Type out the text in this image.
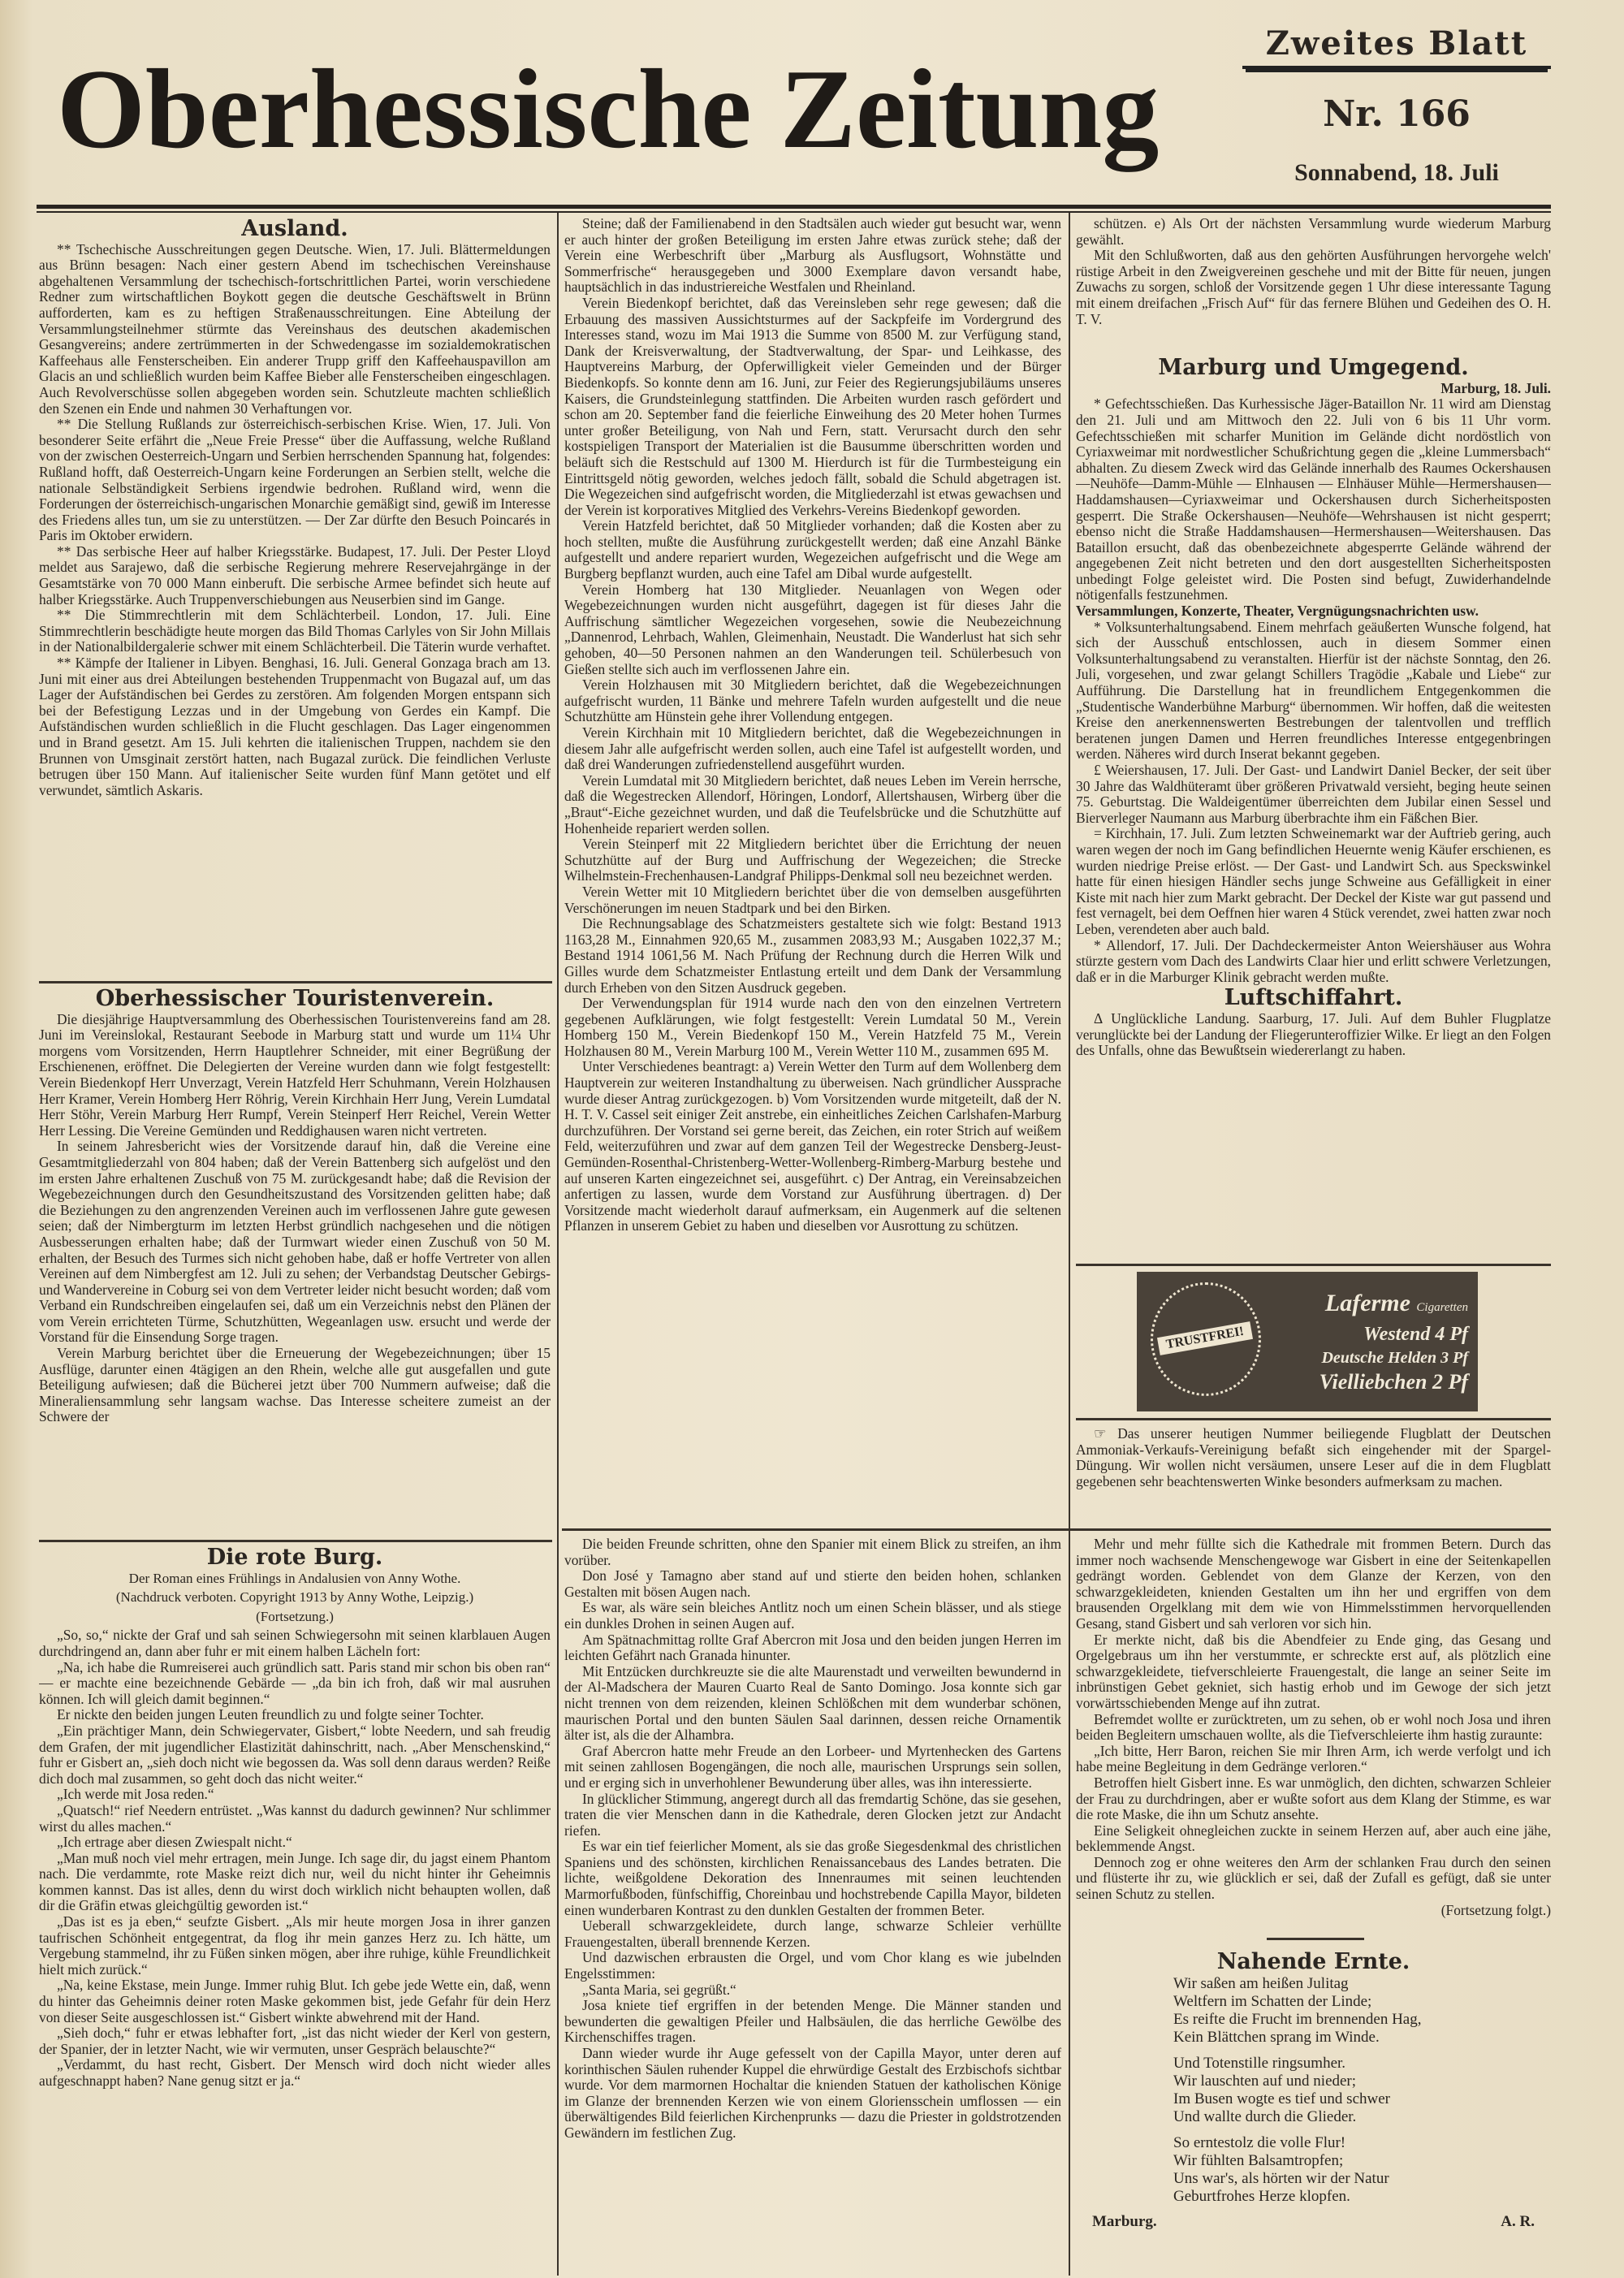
Oberhessische Zeitung
Zweites Blatt
Nr. 166
Sonnabend, 18. Juli
Ausland.

** Tschechische Ausschreitungen gegen Deutsche. Wien, 17. Juli. Blättermeldungen aus Brünn besagen: Nach einer gestern Abend im tschechischen Vereinshause abgehaltenen Versammlung der tschechisch-fortschrittlichen Partei, worin verschiedene Redner zum wirtschaftlichen Boykott gegen die deutsche Geschäftswelt in Brünn aufforderten, kam es zu heftigen Straßenausschreitungen. Eine Abteilung der Versammlungsteilnehmer stürmte das Vereinshaus des deutschen akademischen Gesangvereins; andere zertrümmerten in der Schwedengasse im sozialdemokratischen Kaffeehaus alle Fensterscheiben. Ein anderer Trupp griff den Kaffeehauspavillon am Glacis an und schließlich wurden beim Kaffee Bieber alle Fensterscheiben eingeschlagen. Auch Revolverschüsse sollen abgegeben worden sein. Schutzleute machten schließlich den Szenen ein Ende und nahmen 30 Verhaftungen vor.

** Die Stellung Rußlands zur österreichisch-serbischen Krise. Wien, 17. Juli. Von besonderer Seite erfährt die „Neue Freie Presse“ über die Auffassung, welche Rußland von der zwischen Oesterreich-Ungarn und Serbien herrschenden Spannung hat, folgendes: Rußland hofft, daß Oesterreich-Ungarn keine Forderungen an Serbien stellt, welche die nationale Selbständigkeit Serbiens irgendwie bedrohen. Rußland wird, wenn die Forderungen der österreichisch-ungarischen Monarchie gemäßigt sind, gewiß im Interesse des Friedens alles tun, um sie zu unterstützen. — Der Zar dürfte den Besuch Poincarés in Paris im Oktober erwidern.

** Das serbische Heer auf halber Kriegsstärke. Budapest, 17. Juli. Der Pester Lloyd meldet aus Sarajewo, daß die serbische Regierung mehrere Reservejahrgänge in der Gesamtstärke von 70 000 Mann einberuft. Die serbische Armee befindet sich heute auf halber Kriegsstärke. Auch Truppenverschiebungen aus Neuserbien sind im Gange.

** Die Stimmrechtlerin mit dem Schlächterbeil. London, 17. Juli. Eine Stimmrechtlerin beschädigte heute morgen das Bild Thomas Carlyles von Sir John Millais in der Nationalbildergalerie schwer mit einem Schlächterbeil. Die Täterin wurde verhaftet.

** Kämpfe der Italiener in Libyen. Benghasi, 16. Juli. General Gonzaga brach am 13. Juni mit einer aus drei Abteilungen bestehenden Truppenmacht von Bugazal auf, um das Lager der Aufständischen bei Gerdes zu zerstören. Am folgenden Morgen entspann sich bei der Befestigung Lezzas und in der Umgebung von Gerdes ein Kampf. Die Aufständischen wurden schließlich in die Flucht geschlagen. Das Lager eingenommen und in Brand gesetzt. Am 15. Juli kehrten die italienischen Truppen, nachdem sie den Brunnen von Umsginait zerstört hatten, nach Bugazal zurück. Die feindlichen Verluste betrugen über 150 Mann. Auf italienischer Seite wurden fünf Mann getötet und elf verwundet, sämtlich Askaris.

Oberhessischer Touristenverein.

Die diesjährige Hauptversammlung des Oberhessischen Touristenvereins fand am 28. Juni im Vereinslokal, Restaurant Seebode in Marburg statt und wurde um 11¼ Uhr morgens vom Vorsitzenden, Herrn Hauptlehrer Schneider, mit einer Begrüßung der Erschienenen, eröffnet. Die Delegierten der Vereine wurden dann wie folgt festgestellt: Verein Biedenkopf Herr Unverzagt, Verein Hatzfeld Herr Schuhmann, Verein Holzhausen Herr Kramer, Verein Homberg Herr Röhrig, Verein Kirchhain Herr Jung, Verein Lumdatal Herr Stöhr, Verein Marburg Herr Rumpf, Verein Steinperf Herr Reichel, Verein Wetter Herr Lessing. Die Vereine Gemünden und Reddighausen waren nicht vertreten.

In seinem Jahresbericht wies der Vorsitzende darauf hin, daß die Vereine eine Gesamtmitgliederzahl von 804 haben; daß der Verein Battenberg sich aufgelöst und den im ersten Jahre erhaltenen Zuschuß von 75 M. zurückgesandt habe; daß die Revision der Wegebezeichnungen durch den Gesundheitszustand des Vorsitzenden gelitten habe; daß die Beziehungen zu den angrenzenden Vereinen auch im verflossenen Jahre gute gewesen seien; daß der Nimbergturm im letzten Herbst gründlich nachgesehen und die nötigen Ausbesserungen erhalten habe; daß der Turmwart wieder einen Zuschuß von 50 M. erhalten, der Besuch des Turmes sich nicht gehoben habe, daß er hoffe Vertreter von allen Vereinen auf dem Nimbergfest am 12. Juli zu sehen; der Verbandstag Deutscher Gebirgs- und Wandervereine in Coburg sei von dem Vertreter leider nicht besucht worden; daß vom Verband ein Rundschreiben eingelaufen sei, daß um ein Verzeichnis nebst den Plänen der vom Verein errichteten Türme, Schutzhütten, Wegeanlagen usw. ersucht und werde der Vorstand für die Einsendung Sorge tragen.

Verein Marburg berichtet über die Erneuerung der Wegebezeichnungen; über 15 Ausflüge, darunter einen 4tägigen an den Rhein, welche alle gut ausgefallen und gute Beteiligung aufwiesen; daß die Bücherei jetzt über 700 Nummern aufweise; daß die Mineraliensammlung sehr langsam wachse. Das Interesse scheitere zumeist an der Schwere der

Die rote Burg.
Der Roman eines Frühlings in Andalusien von Anny Wothe.
(Nachdruck verboten. Copyright 1913 by Anny Wothe, Leipzig.)
(Fortsetzung.)

„So, so,“ nickte der Graf und sah seinen Schwiegersohn mit seinen klarblauen Augen durchdringend an, dann aber fuhr er mit einem halben Lächeln fort:

„Na, ich habe die Rumreiserei auch gründlich satt. Paris stand mir schon bis oben ran“ — er machte eine bezeichnende Gebärde — „da bin ich froh, daß wir mal ausruhen können. Ich will gleich damit beginnen.“

Er nickte den beiden jungen Leuten freundlich zu und folgte seiner Tochter.

„Ein prächtiger Mann, dein Schwiegervater, Gisbert,“ lobte Needern, und sah freudig dem Grafen, der mit jugendlicher Elastizität dahinschritt, nach. „Aber Menschenskind,“ fuhr er Gisbert an, „sieh doch nicht wie begossen da. Was soll denn daraus werden? Reiße dich doch mal zusammen, so geht doch das nicht weiter.“

„Ich werde mit Josa reden.“

„Quatsch!“ rief Needern entrüstet. „Was kannst du dadurch gewinnen? Nur schlimmer wirst du alles machen.“

„Ich ertrage aber diesen Zwiespalt nicht.“

„Man muß noch viel mehr ertragen, mein Junge. Ich sage dir, du jagst einem Phantom nach. Die verdammte, rote Maske reizt dich nur, weil du nicht hinter ihr Geheimnis kommen kannst. Das ist alles, denn du wirst doch wirklich nicht behaupten wollen, daß dir die Gräfin etwas gleichgültig geworden ist.“

„Das ist es ja eben,“ seufzte Gisbert. „Als mir heute morgen Josa in ihrer ganzen taufrischen Schönheit entgegentrat, da flog ihr mein ganzes Herz zu. Ich hätte, um Vergebung stammelnd, ihr zu Füßen sinken mögen, aber ihre ruhige, kühle Freundlichkeit hielt mich zurück.“

„Na, keine Ekstase, mein Junge. Immer ruhig Blut. Ich gebe jede Wette ein, daß, wenn du hinter das Geheimnis deiner roten Maske gekommen bist, jede Gefahr für dein Herz von dieser Seite ausgeschlossen ist.“ Gisbert winkte abwehrend mit der Hand.

„Sieh doch,“ fuhr er etwas lebhafter fort, „ist das nicht wieder der Kerl von gestern, der Spanier, der in letzter Nacht, wie wir vermuten, unser Gespräch belauschte?“

„Verdammt, du hast recht, Gisbert. Der Mensch wird doch nicht wieder alles aufgeschnappt haben? Nane genug sitzt er ja.“

Steine; daß der Familienabend in den Stadtsälen auch wieder gut besucht war, wenn er auch hinter der großen Beteiligung im ersten Jahre etwas zurück stehe; daß der Verein eine Werbeschrift über „Marburg als Ausflugsort, Wohnstätte und Sommerfrische“ herausgegeben und 3000 Exemplare davon versandt habe, hauptsächlich in das industriereiche Westfalen und Rheinland.

Verein Biedenkopf berichtet, daß das Vereinsleben sehr rege gewesen; daß die Erbauung des massiven Aussichtsturmes auf der Sackpfeife im Vordergrund des Interesses stand, wozu im Mai 1913 die Summe von 8500 M. zur Verfügung stand, Dank der Kreisverwaltung, der Stadtverwaltung, der Spar- und Leihkasse, des Hauptvereins Marburg, der Opferwilligkeit vieler Gemeinden und der Bürger Biedenkopfs. So konnte denn am 16. Juni, zur Feier des Regierungsjubiläums unseres Kaisers, die Grundsteinlegung stattfinden. Die Arbeiten wurden rasch gefördert und schon am 20. September fand die feierliche Einweihung des 20 Meter hohen Turmes unter großer Beteiligung, von Nah und Fern, statt. Verursacht durch den sehr kostspieligen Transport der Materialien ist die Bausumme überschritten worden und beläuft sich die Restschuld auf 1300 M. Hierdurch ist für die Turmbesteigung ein Eintrittsgeld nötig geworden, welches jedoch fällt, sobald die Schuld abgetragen ist. Die Wegezeichen sind aufgefrischt worden, die Mitgliederzahl ist etwas gewachsen und der Verein ist korporatives Mitglied des Verkehrs-Vereins Biedenkopf geworden.

Verein Hatzfeld berichtet, daß 50 Mitglieder vorhanden; daß die Kosten aber zu hoch stellten, mußte die Ausführung zurückgestellt werden; daß eine Anzahl Bänke aufgestellt und andere repariert wurden, Wegezeichen aufgefrischt und die Wege am Burgberg bepflanzt wurden, auch eine Tafel am Dibal wurde aufgestellt.

Verein Homberg hat 130 Mitglieder. Neuanlagen von Wegen oder Wegebezeichnungen wurden nicht ausgeführt, dagegen ist für dieses Jahr die Auffrischung sämtlicher Wegezeichen vorgesehen, sowie die Neubezeichnung „Dannenrod, Lehrbach, Wahlen, Gleimenhain, Neustadt. Die Wanderlust hat sich sehr gehoben, 40—50 Personen nahmen an den Wanderungen teil. Schülerbesuch von Gießen stellte sich auch im verflossenen Jahre ein.

Verein Holzhausen mit 30 Mitgliedern berichtet, daß die Wegebezeichnungen aufgefrischt wurden, 11 Bänke und mehrere Tafeln wurden aufgestellt und die neue Schutzhütte am Hünstein gehe ihrer Vollendung entgegen.

Verein Kirchhain mit 10 Mitgliedern berichtet, daß die Wegebezeichnungen in diesem Jahr alle aufgefrischt werden sollen, auch eine Tafel ist aufgestellt worden, und daß drei Wanderungen zufriedenstellend ausgeführt wurden.

Verein Lumdatal mit 30 Mitgliedern berichtet, daß neues Leben im Verein herrsche, daß die Wegestrecken Allendorf, Höringen, Londorf, Allertshausen, Wirberg über die „Braut“-Eiche gezeichnet wurden, und daß die Teufelsbrücke und die Schutzhütte auf Hohenheide repariert werden sollen.

Verein Steinperf mit 22 Mitgliedern berichtet über die Errichtung der neuen Schutzhütte auf der Burg und Auffrischung der Wegezeichen; die Strecke Wilhelmstein-Frechenhausen-Landgraf Philipps-Denkmal soll neu bezeichnet werden.

Verein Wetter mit 10 Mitgliedern berichtet über die von demselben ausgeführten Verschönerungen im neuen Stadtpark und bei den Birken.

Die Rechnungsablage des Schatzmeisters gestaltete sich wie folgt: Bestand 1913 1163,28 M., Einnahmen 920,65 M., zusammen 2083,93 M.; Ausgaben 1022,37 M.; Bestand 1914 1061,56 M. Nach Prüfung der Rechnung durch die Herren Wilk und Gilles wurde dem Schatzmeister Entlastung erteilt und dem Dank der Versammlung durch Erheben von den Sitzen Ausdruck gegeben.

Der Verwendungsplan für 1914 wurde nach den von den einzelnen Vertretern gegebenen Aufklärungen, wie folgt festgestellt: Verein Lumdatal 50 M., Verein Homberg 150 M., Verein Biedenkopf 150 M., Verein Hatzfeld 75 M., Verein Holzhausen 80 M., Verein Marburg 100 M., Verein Wetter 110 M., zusammen 695 M.

Unter Verschiedenes beantragt: a) Verein Wetter den Turm auf dem Wollenberg dem Hauptverein zur weiteren Instandhaltung zu überweisen. Nach gründlicher Aussprache wurde dieser Antrag zurückgezogen. b) Vom Vorsitzenden wurde mitgeteilt, daß der N. H. T. V. Cassel seit einiger Zeit anstrebe, ein einheitliches Zeichen Carlshafen-Marburg durchzuführen. Der Vorstand sei gerne bereit, das Zeichen, ein roter Strich auf weißem Feld, weiterzuführen und zwar auf dem ganzen Teil der Wegestrecke Densberg-Jeust-Gemünden-Rosenthal-Christenberg-Wetter-Wollenberg-Rimberg-Marburg bestehe und auf unseren Karten eingezeichnet sei, ausgeführt. c) Der Antrag, ein Vereinsabzeichen anfertigen zu lassen, wurde dem Vorstand zur Ausführung übertragen. d) Der Vorsitzende macht wiederholt darauf aufmerksam, ein Augenmerk auf die seltenen Pflanzen in unserem Gebiet zu haben und dieselben vor Ausrottung zu schützen.

Die beiden Freunde schritten, ohne den Spanier mit einem Blick zu streifen, an ihm vorüber.

Don José y Tamagno aber stand auf und stierte den beiden hohen, schlanken Gestalten mit bösen Augen nach.

Es war, als wäre sein bleiches Antlitz noch um einen Schein blässer, und als stiege ein dunkles Drohen in seinen Augen auf.

Am Spätnachmittag rollte Graf Abercron mit Josa und den beiden jungen Herren im leichten Gefährt nach Granada hinunter.

Mit Entzücken durchkreuzte sie die alte Maurenstadt und verweilten bewundernd in der Al-Madschera der Mauren Cuarto Real de Santo Domingo. Josa konnte sich gar nicht trennen von dem reizenden, kleinen Schlößchen mit dem wunderbar schönen, maurischen Portal und den bunten Säulen Saal darinnen, dessen reiche Ornamentik älter ist, als die der Alhambra.

Graf Abercron hatte mehr Freude an den Lorbeer- und Myrtenhecken des Gartens mit seinen zahllosen Bogengängen, die noch alle, maurischen Ursprungs sein sollen, und er erging sich in unverhohlener Bewunderung über alles, was ihn interessierte.

In glücklicher Stimmung, angeregt durch all das fremdartig Schöne, das sie gesehen, traten die vier Menschen dann in die Kathedrale, deren Glocken jetzt zur Andacht riefen.

Es war ein tief feierlicher Moment, als sie das große Siegesdenkmal des christlichen Spaniens und des schönsten, kirchlichen Renaissancebaus des Landes betraten. Die lichte, weißgoldene Dekoration des Innenraumes mit seinen leuchtenden Marmorfußboden, fünfschiffig, Choreinbau und hochstrebende Capilla Mayor, bildeten einen wunderbaren Kontrast zu den dunklen Gestalten der frommen Beter.

Ueberall schwarzgekleidete, durch lange, schwarze Schleier verhüllte Frauengestalten, überall brennende Kerzen.

Und dazwischen erbrausten die Orgel, und vom Chor klang es wie jubelnden Engelsstimmen:

„Santa Maria, sei gegrüßt.“

Josa kniete tief ergriffen in der betenden Menge. Die Männer standen und bewunderten die gewaltigen Pfeiler und Halbsäulen, die das herrliche Gewölbe des Kirchenschiffes tragen.

Dann wieder wurde ihr Auge gefesselt von der Capilla Mayor, unter deren auf korinthischen Säulen ruhender Kuppel die ehrwürdige Gestalt des Erzbischofs sichtbar wurde. Vor dem marmornen Hochaltar die knienden Statuen der katholischen Könige im Glanze der brennenden Kerzen wie von einem Gloriensschein umflossen — ein überwältigendes Bild feierlichen Kirchenprunks — dazu die Priester in goldstrotzenden Gewändern im festlichen Zug.

schützen. e) Als Ort der nächsten Versammlung wurde wiederum Marburg gewählt.

Mit den Schlußworten, daß aus den gehörten Ausführungen hervorgehe welch' rüstige Arbeit in den Zweigvereinen geschehe und mit der Bitte für neuen, jungen Zuwachs zu sorgen, schloß der Vorsitzende gegen 1 Uhr diese interessante Tagung mit einem dreifachen „Frisch Auf“ für das fernere Blühen und Gedeihen des O. H. T. V.

Marburg und Umgegend.
Marburg, 18. Juli.

* Gefechtsschießen. Das Kurhessische Jäger-Bataillon Nr. 11 wird am Dienstag den 21. Juli und am Mittwoch den 22. Juli von 6 bis 11 Uhr vorm. Gefechtsschießen mit scharfer Munition im Gelände dicht nordöstlich von Cyriaxweimar mit nordwestlicher Schußrichtung gegen die „kleine Lummersbach“ abhalten. Zu diesem Zweck wird das Gelände innerhalb des Raumes Ockershausen—Neuhöfe—Damm-Mühle — Elnhausen — Elnhäuser Mühle—Hermershausen—Haddamshausen—Cyriaxweimar und Ockershausen durch Sicherheitsposten gesperrt. Die Straße Ockershausen—Neuhöfe—Wehrshausen ist nicht gesperrt; ebenso nicht die Straße Haddamshausen—Hermershausen—Weitershausen. Das Bataillon ersucht, daß das obenbezeichnete abgesperrte Gelände während der angegebenen Zeit nicht betreten und den dort ausgestellten Sicherheitsposten unbedingt Folge geleistet wird. Die Posten sind befugt, Zuwiderhandelnde nötigenfalls festzunehmen.

Versammlungen, Konzerte, Theater, Vergnügungsnachrichten usw.

* Volksunterhaltungsabend. Einem mehrfach geäußerten Wunsche folgend, hat sich der Ausschuß entschlossen, auch in diesem Sommer einen Volksunterhaltungsabend zu veranstalten. Hierfür ist der nächste Sonntag, den 26. Juli, vorgesehen, und zwar gelangt Schillers Tragödie „Kabale und Liebe“ zur Aufführung. Die Darstellung hat in freundlichem Entgegenkommen die „Studentische Wanderbühne Marburg“ übernommen. Wir hoffen, daß die weitesten Kreise den anerkennenswerten Bestrebungen der talentvollen und trefflich beratenen jungen Damen und Herren freundliches Interesse entgegenbringen werden. Näheres wird durch Inserat bekannt gegeben.

£ Weiershausen, 17. Juli. Der Gast- und Landwirt Daniel Becker, der seit über 30 Jahre das Waldhüteramt über größeren Privatwald versieht, beging heute seinen 75. Geburtstag. Die Waldeigentümer überreichten dem Jubilar einen Sessel und Bierverleger Naumann aus Marburg überbrachte ihm ein Fäßchen Bier.

= Kirchhain, 17. Juli. Zum letzten Schweinemarkt war der Auftrieb gering, auch waren wegen der noch im Gang befindlichen Heuernte wenig Käufer erschienen, es wurden niedrige Preise erlöst. — Der Gast- und Landwirt Sch. aus Speckswinkel hatte für einen hiesigen Händler sechs junge Schweine aus Gefälligkeit in einer Kiste mit nach hier zum Markt gebracht. Der Deckel der Kiste war gut passend und fest vernagelt, bei dem Oeffnen hier waren 4 Stück verendet, zwei hatten zwar noch Leben, verendeten aber auch bald.

* Allendorf, 17. Juli. Der Dachdeckermeister Anton Weiershäuser aus Wohra stürzte gestern vom Dach des Landwirts Claar hier und erlitt schwere Verletzungen, daß er in die Marburger Klinik gebracht werden mußte.

Luftschiffahrt.

Δ Unglückliche Landung. Saarburg, 17. Juli. Auf dem Buhler Flugplatze verunglückte bei der Landung der Fliegerunteroffizier Wilke. Er liegt an den Folgen des Unfalls, ohne das Bewußtsein wiedererlangt zu haben.

TRUSTFREI!
Laferme Cigaretten
Westend 4 Pf
Deutsche Helden 3 Pf
Vielliebchen 2 Pf

☞ Das unserer heutigen Nummer beiliegende Flugblatt der Deutschen Ammoniak-Verkaufs-Vereinigung befaßt sich eingehender mit der Spargel-Düngung. Wir wollen nicht versäumen, unsere Leser auf die in dem Flugblatt gegebenen sehr beachtenswerten Winke besonders aufmerksam zu machen.

Mehr und mehr füllte sich die Kathedrale mit frommen Betern. Durch das immer noch wachsende Menschengewoge war Gisbert in eine der Seitenkapellen gedrängt worden. Geblendet von dem Glanze der Kerzen, von den schwarzgekleideten, knienden Gestalten um ihn her und ergriffen von dem brausenden Orgelklang mit dem wie von Himmelsstimmen hervorquellenden Gesang, stand Gisbert und sah verloren vor sich hin.

Er merkte nicht, daß bis die Abendfeier zu Ende ging, das Gesang und Orgelgebraus um ihn her verstummte, er schreckte erst auf, als plötzlich eine schwarzgekleidete, tiefverschleierte Frauengestalt, die lange an seiner Seite im inbrünstigen Gebet gekniet, sich hastig erhob und im Gewoge der sich jetzt vorwärtsschiebenden Menge auf ihn zutrat.

Befremdet wollte er zurücktreten, um zu sehen, ob er wohl noch Josa und ihren beiden Begleitern umschauen wollte, als die Tiefverschleierte ihm hastig zuraunte:

„Ich bitte, Herr Baron, reichen Sie mir Ihren Arm, ich werde verfolgt und ich habe meine Begleitung in dem Gedränge verloren.“

Betroffen hielt Gisbert inne. Es war unmöglich, den dichten, schwarzen Schleier der Frau zu durchdringen, aber er wußte sofort aus dem Klang der Stimme, es war die rote Maske, die ihn um Schutz ansehte.

Eine Seligkeit ohnegleichen zuckte in seinem Herzen auf, aber auch eine jähe, beklemmende Angst.

Dennoch zog er ohne weiteres den Arm der schlanken Frau durch den seinen und flüsterte ihr zu, wie glücklich er sei, daß der Zufall es gefügt, daß sie unter seinen Schutz zu stellen.

(Fortsetzung folgt.)

Nahende Ernte.
Wir saßen am heißen Julitag
Weltfern im Schatten der Linde;
Es reifte die Frucht im brennenden Hag,
Kein Blättchen sprang im Winde.
Und Totenstille ringsumher.
Wir lauschten auf und nieder;
Im Busen wogte es tief und schwer
Und wallte durch die Glieder.
So erntestolz die volle Flur!
Wir fühlten Balsamtropfen;
Uns war's, als hörten wir der Natur
Geburtfrohes Herze klopfen.
Marburg.	A. R.
